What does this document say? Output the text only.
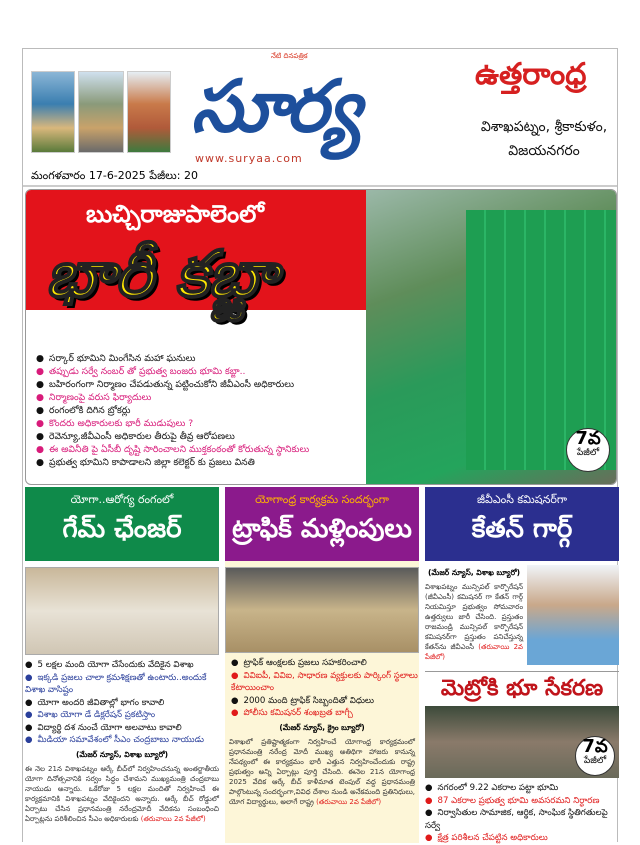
నేటి దినపత్రిక
సూర్య
www.suryaa.com
మంగళవారం 17-6-2025 పేజీలు: 20
ఉత్తరాంధ్ర
విశాఖపట్నం, శ్రీకాకుళం, విజయనగరం
బుచ్చిరాజుపాలెంలో
భారీ కబ్జా
7వ
పేజీలో
● సర్కార్ భూమిని మింగేసిన మహా ఘనులు
● తప్పుడు సర్వే నంబర్ తో ప్రభుత్వ బంజరు భూమి కబ్జా..
● బహిరంగంగా నిర్మాణం చేపడుతున్న పట్టించుకోని జీవీఎంసీ అధికారులు
● నిర్మాణంపై వరుస ఫిర్యాదులు
● రంగంలోకి దిగిన బ్రోకర్లు
● కొందరు అధికారులకు భారీ ముడుపులు ?
● రెవెన్యూ,జీవీఎంసీ అధికారుల తీరుపై తీవ్ర ఆరోపణలు
● ఈ అవినీతి పై ఏసీబీ దృష్టి సారించాలని ముక్తకంఠంతో కోరుతున్న స్థానికులు
● ప్రభుత్వ భూమిని కాపాడాలని జిల్లా కలెక్టర్ కు ప్రజలు వినతి
యోగా..ఆరోగ్య రంగంలో
గేమ్ ఛేంజర్
● 5 లక్షల మంది యోగా చేసేందుకు వేదికైన విశాఖ
● ఇక్కడి ప్రజలు చాలా క్రమశిక్షణతో ఉంటారు..అందుకే విశాఖ వాసిష్టం
● యోగా అందరి జీవితాల్లో భాగం కావాలి
● విశాఖ యోగా డే డిక్లరేషన్ ప్రకటిస్తాం
● విద్యార్థి దశ నుంచే యోగా అలవాటు కావాలి
● మీడియా సమావేశంలో సీఎం చంద్రబాబు నాయుడు
(మేజర్ న్యూస్, విశాఖ బ్యూరో)
ఈ నెల 21న విశాఖపట్నం ఆర్కే బీచ్‌లో నిర్వహించనున్న అంతర్జాతీయ యోగా దినోత్సవానికి సర్వం సిద్ధం చేశామని ముఖ్యమంత్రి చంద్రబాబు నాయుడు అన్నారు. ఒకేరోజు 5 లక్షల మందితో నిర్వహించే ఈ కార్యక్రమానికి విశాఖపట్నం వేదికైందని అన్నారు. ఆర్కే బీచ్ రోడ్డులో ఏర్పాటు చేసిన ప్రధానమంత్రి నరేంద్రమోదీ వేదికను సంబంధించి ఏర్పాట్లను పరిశీలించిన సీఎం అధికారులకు (తరువాయి 2వ పేజీలో)
యోగాంధ్ర కార్యక్రమ సందర్భంగా
ట్రాఫిక్ మళ్లింపులు
● ట్రాఫిక్ ఆంక్షలకు ప్రజలు సహకరించాలి
● వివిఐపీ, వివిఐ, సాధారణ వ్యక్తులకు పార్కింగ్ స్థలాలు కేటాయించాం
● 2000 మంది ట్రాఫిక్ సిబ్బందితో విధులు
● పోలీసు కమిషనర్ శంఖబ్రత బాగ్చీ
(మేజర్ న్యూస్, క్రైం బ్యూరో)
విశాఖలో ప్రతిష్టాత్మకంగా నిర్వహించే యోగాంధ్ర కార్యక్రమంలో ప్రధానమంత్రి నరేంద్ర మోదీ ముఖ్య అతిథిగా హాజరు కానున్న నేపథ్యంలో ఈ కార్యక్రమం భారీ ఎత్తున నిర్వహించేందుకు రాష్ట్ర ప్రభుత్వం అన్ని ఏర్పాట్లు పూర్తి చేసింది. ఈనెల 21న యోగాంధ్ర 2025 వేదిక ఆర్కే బీచ్ కాళీమాత టెంపుల్ వద్ద ప్రధానమంత్రి పాల్గొంటున్న సందర్భంగా,వివిధ దేశాల నుండి అనేకమంది ప్రతినిధులు, యోగ విద్యార్థులు, అలాగే రాష్ట్ర (తరువాయి 2వ పేజీలో)
జీవీఎంసీ కమిషనర్‌గా
కేతన్ గార్గ్
(మేజర్ న్యూస్, విశాఖ బ్యూరో)
విశాఖపట్నం మున్సిపల్ కార్పొరేషన్ (జీవీఎంసీ) కమిషనర్ గా కేతన్ గార్గ్ నియమిస్తూ ప్రభుత్వం సోమవారం ఉత్తర్వులు జారీ చేసింది. ప్రస్తుతం రాజమండ్రి మున్సిపల్ కార్పొరేషన్ కమిషనర్‌గా ప్రస్తుతం పనిచేస్తున్న కేతన్‌ను జీవీఎంసీ (తరువాయి 2వ పేజీలో)
మెట్రోకి భూ సేకరణ
7వ
పేజీలో
● నగరంలో 9.22 ఎకరాల పట్టా భూమి
● 87 ఎకరాల ప్రభుత్వ భూమి అవసరమని నిర్ధారణ
● నిర్వాసితుల సామాజిక, ఆర్థిక, సాంఘిక స్థితిగతులపై సర్వే
● క్షేత్ర పరిశీలన చేపట్టిన అధికారులు
